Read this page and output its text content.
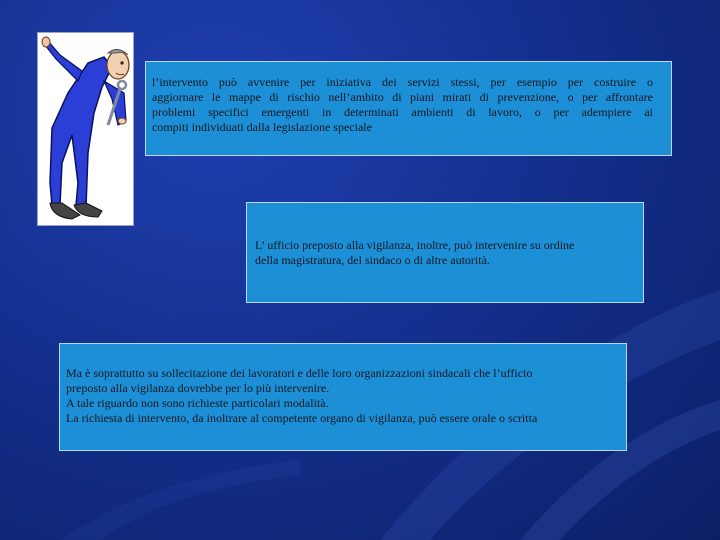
l’intervento può avvenire per iniziativa dei servizi stessi, per esempio per costruire o
aggiornare le mappe di rischio nell’ambito di piani mirati di prevenzione, o per affrontare
problemi specifici emergenti in determinati ambienti di lavoro, o per adempiere ai
compiti individuati dalla legislazione speciale
L’ ufficio preposto alla vigilanza, inoltre, può intervenire su ordine
della magistratura, del sindaco o di altre autorità.
Ma è soprattutto su sollecitazione dei lavoratori e delle loro organizzazioni sindacali che l’ufficio
preposto alla vigilanza dovrebbe per lo più intervenire.
A tale riguardo non sono richieste particolari modalità.
La richiesta di intervento, da inoltrare al competente organo di vigilanza, può essere orale o scritta
